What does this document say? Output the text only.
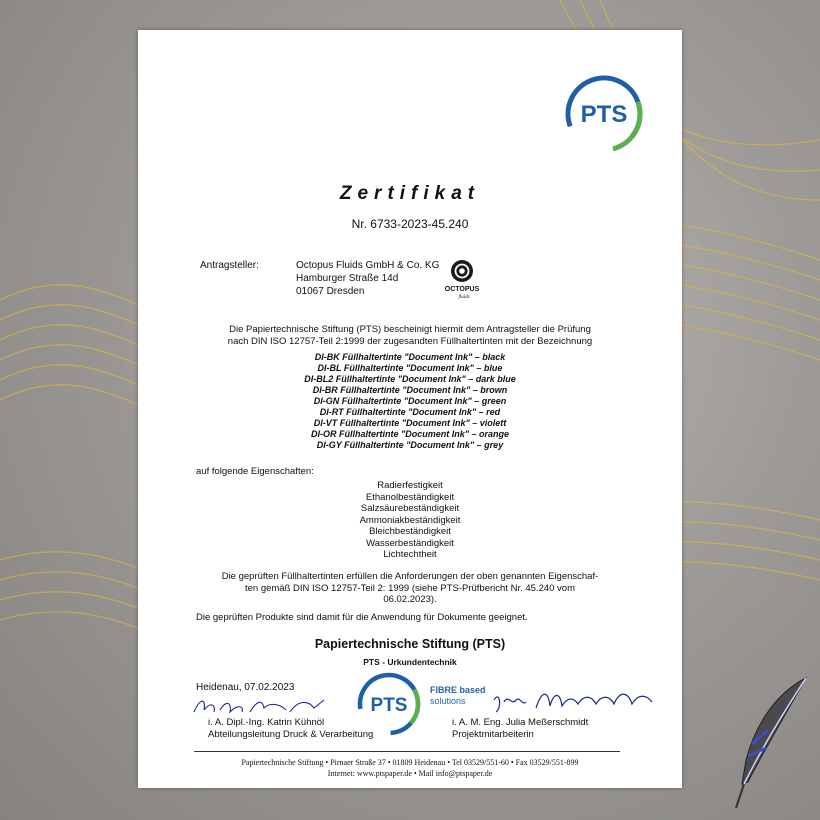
PTS
Zertifikat
Nr. 6733-2023-45.240
Antragsteller:	Octopus Fluids GmbH & Co. KG
Hamburger Straße 14d
01067 Dresden	OCTOPUS
fluids
Die Papiertechnische Stiftung (PTS) bescheinigt hiermit dem Antragsteller die Prüfung
nach DIN ISO 12757-Teil 2:1999 der zugesandten Füllhaltertinten mit der Bezeichnung
DI-BK Füllhaltertinte "Document Ink" – black
DI-BL Füllhaltertinte "Document Ink" – blue
DI-BL2 Füllhaltertinte "Document Ink" – dark blue
DI-BR Füllhaltertinte "Document Ink" – brown
DI-GN Füllhaltertinte "Document Ink" – green
DI-RT Füllhaltertinte "Document Ink" – red
DI-VT Füllhaltertinte "Document Ink" – violett
DI-OR Füllhaltertinte "Document Ink" – orange
DI-GY Füllhaltertinte "Document Ink" – grey
auf folgende Eigenschaften:
Radierfestigkeit
Ethanolbeständigkeit
Salzsäurebeständigkeit
Ammoniakbeständigkeit
Bleichbeständigkeit
Wasserbeständigkeit
Lichtechtheit
Die geprüften Füllhaltertinten erfüllen die Anforderungen der oben genannten Eigenschaf-
ten gemäß DIN ISO 12757-Teil 2: 1999 (siehe PTS-Prüfbericht Nr. 45.240 vom
06.02.2023).
Die geprüften Produkte sind damit für die Anwendung für Dokumente geeignet.
Papiertechnische Stiftung (PTS)
PTS - Urkundentechnik
Heidenau, 07.02.2023
i. A. Dipl.-Ing. Katrin Kühnöl
Abteilungsleitung Druck & Verarbeitung
PTS
FIBRE based
solutions
i. A. M. Eng. Julia Meßerschmidt
Projektmitarbeiterin
Papiertechnische Stiftung • Pirnaer Straße 37 • 01809 Heidenau • Tel 03529/551-60 • Fax 03529/551-899
Internet: www.ptspaper.de • Mail info@ptspaper.de
